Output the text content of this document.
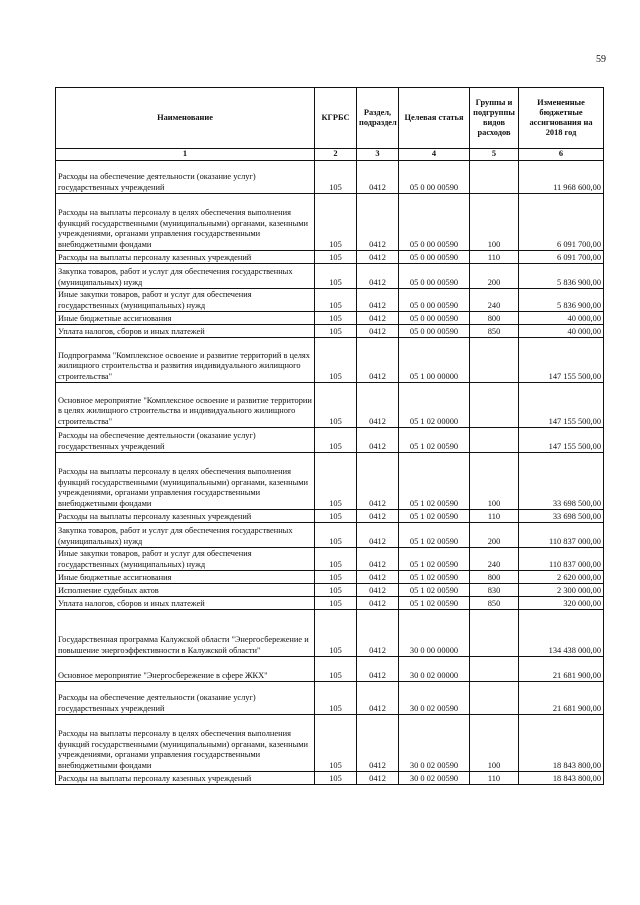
59
Наименование	КГРБС	Раздел, подраздел	Целевая статья	Группы и подгруппы видов расходов	Измененные бюджетные ассигнования на 2018 год
1	2	3	4	5	6
Расходы на обеспечение деятельности (оказание услуг) государственных учреждений	105	0412	05 0 00 00590		11 968 600,00
Расходы на выплаты персоналу в целях обеспечения выполнения функций государственными (муниципальными) органами, казенными учреждениями, органами управления государственными внебюджетными фондами	105	0412	05 0 00 00590	100	6 091 700,00
Расходы на выплаты персоналу казенных учреждений	105	0412	05 0 00 00590	110	6 091 700,00
Закупка товаров, работ и услуг для обеспечения государственных (муниципальных) нужд	105	0412	05 0 00 00590	200	5 836 900,00
Иные закупки товаров, работ и услуг для обеспечения государственных (муниципальных) нужд	105	0412	05 0 00 00590	240	5 836 900,00
Иные бюджетные ассигнования	105	0412	05 0 00 00590	800	40 000,00
Уплата налогов, сборов и иных платежей	105	0412	05 0 00 00590	850	40 000,00
Подпрограмма "Комплексное освоение и развитие территорий в целях жилищного строительства и развития индивидуального жилищного строительства"	105	0412	05 1 00 00000		147 155 500,00
Основное мероприятие "Комплексное освоение и развитие территории в целях жилищного строительства и индивидуального жилищного строительства"	105	0412	05 1 02 00000		147 155 500,00
Расходы на обеспечение деятельности (оказание услуг) государственных учреждений	105	0412	05 1 02 00590		147 155 500,00
Расходы на выплаты персоналу в целях обеспечения выполнения функций государственными (муниципальными) органами, казенными учреждениями, органами управления государственными внебюджетными фондами	105	0412	05 1 02 00590	100	33 698 500,00
Расходы на выплаты персоналу казенных учреждений	105	0412	05 1 02 00590	110	33 698 500,00
Закупка товаров, работ и услуг для обеспечения государственных (муниципальных) нужд	105	0412	05 1 02 00590	200	110 837 000,00
Иные закупки товаров, работ и услуг для обеспечения государственных (муниципальных) нужд	105	0412	05 1 02 00590	240	110 837 000,00
Иные бюджетные ассигнования	105	0412	05 1 02 00590	800	2 620 000,00
Исполнение судебных актов	105	0412	05 1 02 00590	830	2 300 000,00
Уплата налогов, сборов и иных платежей	105	0412	05 1 02 00590	850	320 000,00
Государственная программа Калужской области "Энергосбережение и повышение энергоэффективности в Калужской области"	105	0412	30 0 00 00000		134 438 000,00
Основное мероприятие "Энергосбережение в сфере ЖКХ"	105	0412	30 0 02 00000		21 681 900,00
Расходы на обеспечение деятельности (оказание услуг) государственных учреждений	105	0412	30 0 02 00590		21 681 900,00
Расходы на выплаты персоналу в целях обеспечения выполнения функций государственными (муниципальными) органами, казенными учреждениями, органами управления государственными внебюджетными фондами	105	0412	30 0 02 00590	100	18 843 800,00
Расходы на выплаты персоналу казенных учреждений	105	0412	30 0 02 00590	110	18 843 800,00
